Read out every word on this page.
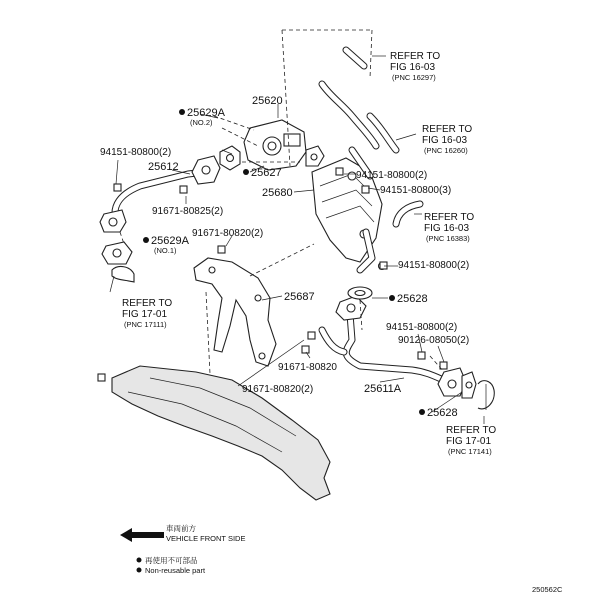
REFER TO
FIG 16-03
(PNC 16297)
REFER TO
FIG 16-03
(PNC 16260)
REFER TO
FIG 16-03
(PNC 16383)
REFER TO
FIG 17-01
(PNC 17111)
REFER TO
FIG 17-01
(PNC 17141)
25629A
(NO.2)
25620
94151-80800(2)
25612	25627
25680
94151-80800(2)
94151-80800(3)
91671-80825(2)
25629A
(NO.1)
91671-80820(2)
94151-80800(2)
25687	25628
94151-80800(2)
90126-08050(2)
91671-80820
91671-80820(2)	25611A
25628
車両前方
VEHICLE FRONT SIDE
再使用不可部品
Non-reusable part
250562C
